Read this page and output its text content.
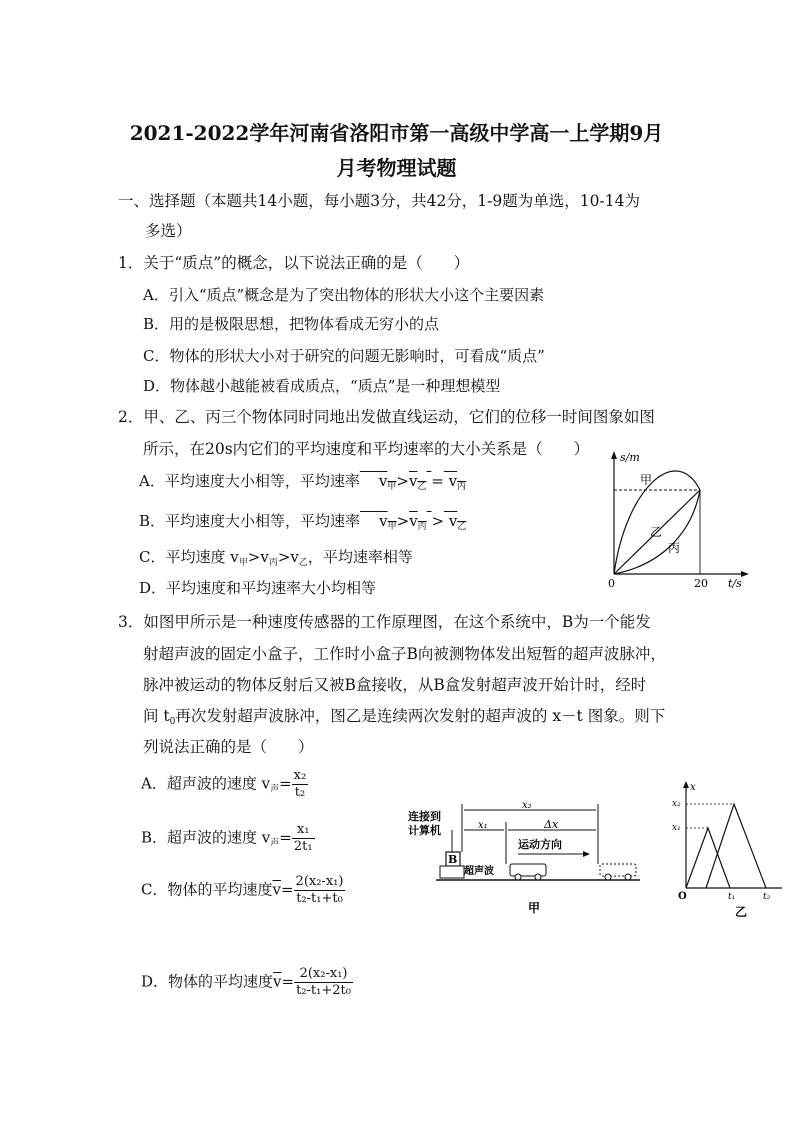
2021-2022学年河南省洛阳市第一高级中学高一上学期9月
月考物理试题
一、选择题（本题共14小题，每小题3分，共42分，1-9题为单选，10-14为
多选）
1．关于“质点”的概念，以下说法正确的是（　　）
A．引入“质点”概念是为了突出物体的形状大小这个主要因素
B．用的是极限思想，把物体看成无穷小的点
C．物体的形状大小对于研究的问题无影响时，可看成“质点”
D．物体越小越能被看成质点，“质点”是一种理想模型
2．甲、乙、丙三个物体同时同地出发做直线运动，它们的位移一时间图象如图
所示，在20s内它们的平均速度和平均速率的大小关系是（　　）
A．平均速度大小相等，平均速率 $v_甲>v_乙 = v_丙$
B．平均速度大小相等，平均速率 $v_甲>v_丙 > v_乙$
C．平均速度 $v_甲>v_丙>v_乙$，平均速率相等
D．平均速度和平均速率大小均相等
s/m
t/s
0	20
甲
乙
丙
3．如图甲所示是一种速度传感器的工作原理图，在这个系统中，B为一个能发
射超声波的固定小盒子，工作时小盒子B向被测物体发出短暂的超声波脉冲，
脉冲被运动的物体反射后又被B盒接收，从B盒发射超声波开始计时，经时
间 $t_0$再次发射超声波脉冲，图乙是连续两次发射的超声波的 x－t 图象。则下
列说法正确的是（　　）
A．超声波的速度 $v_声= \frac{\text{x₂}}{\text{t₂}}$
B．超声波的速度 $v_声= \frac{\text{x₁}}{\text{2t₁}}$
C．物体的平均速度$\overline{v}= \frac{\text{2(x₂-x₁)}}{\text{t₂-t₁+t₀}}$
D．物体的平均速度$\overline{v}= \frac{\text{2(x₂-x₁)}}{\text{t₂-t₁+2t₀}}$
连接到
计算机
B
x₂
x₁	Δx
运动方向
超声波
甲
x
x₂
x₁
O	t₁	t₂
乙
